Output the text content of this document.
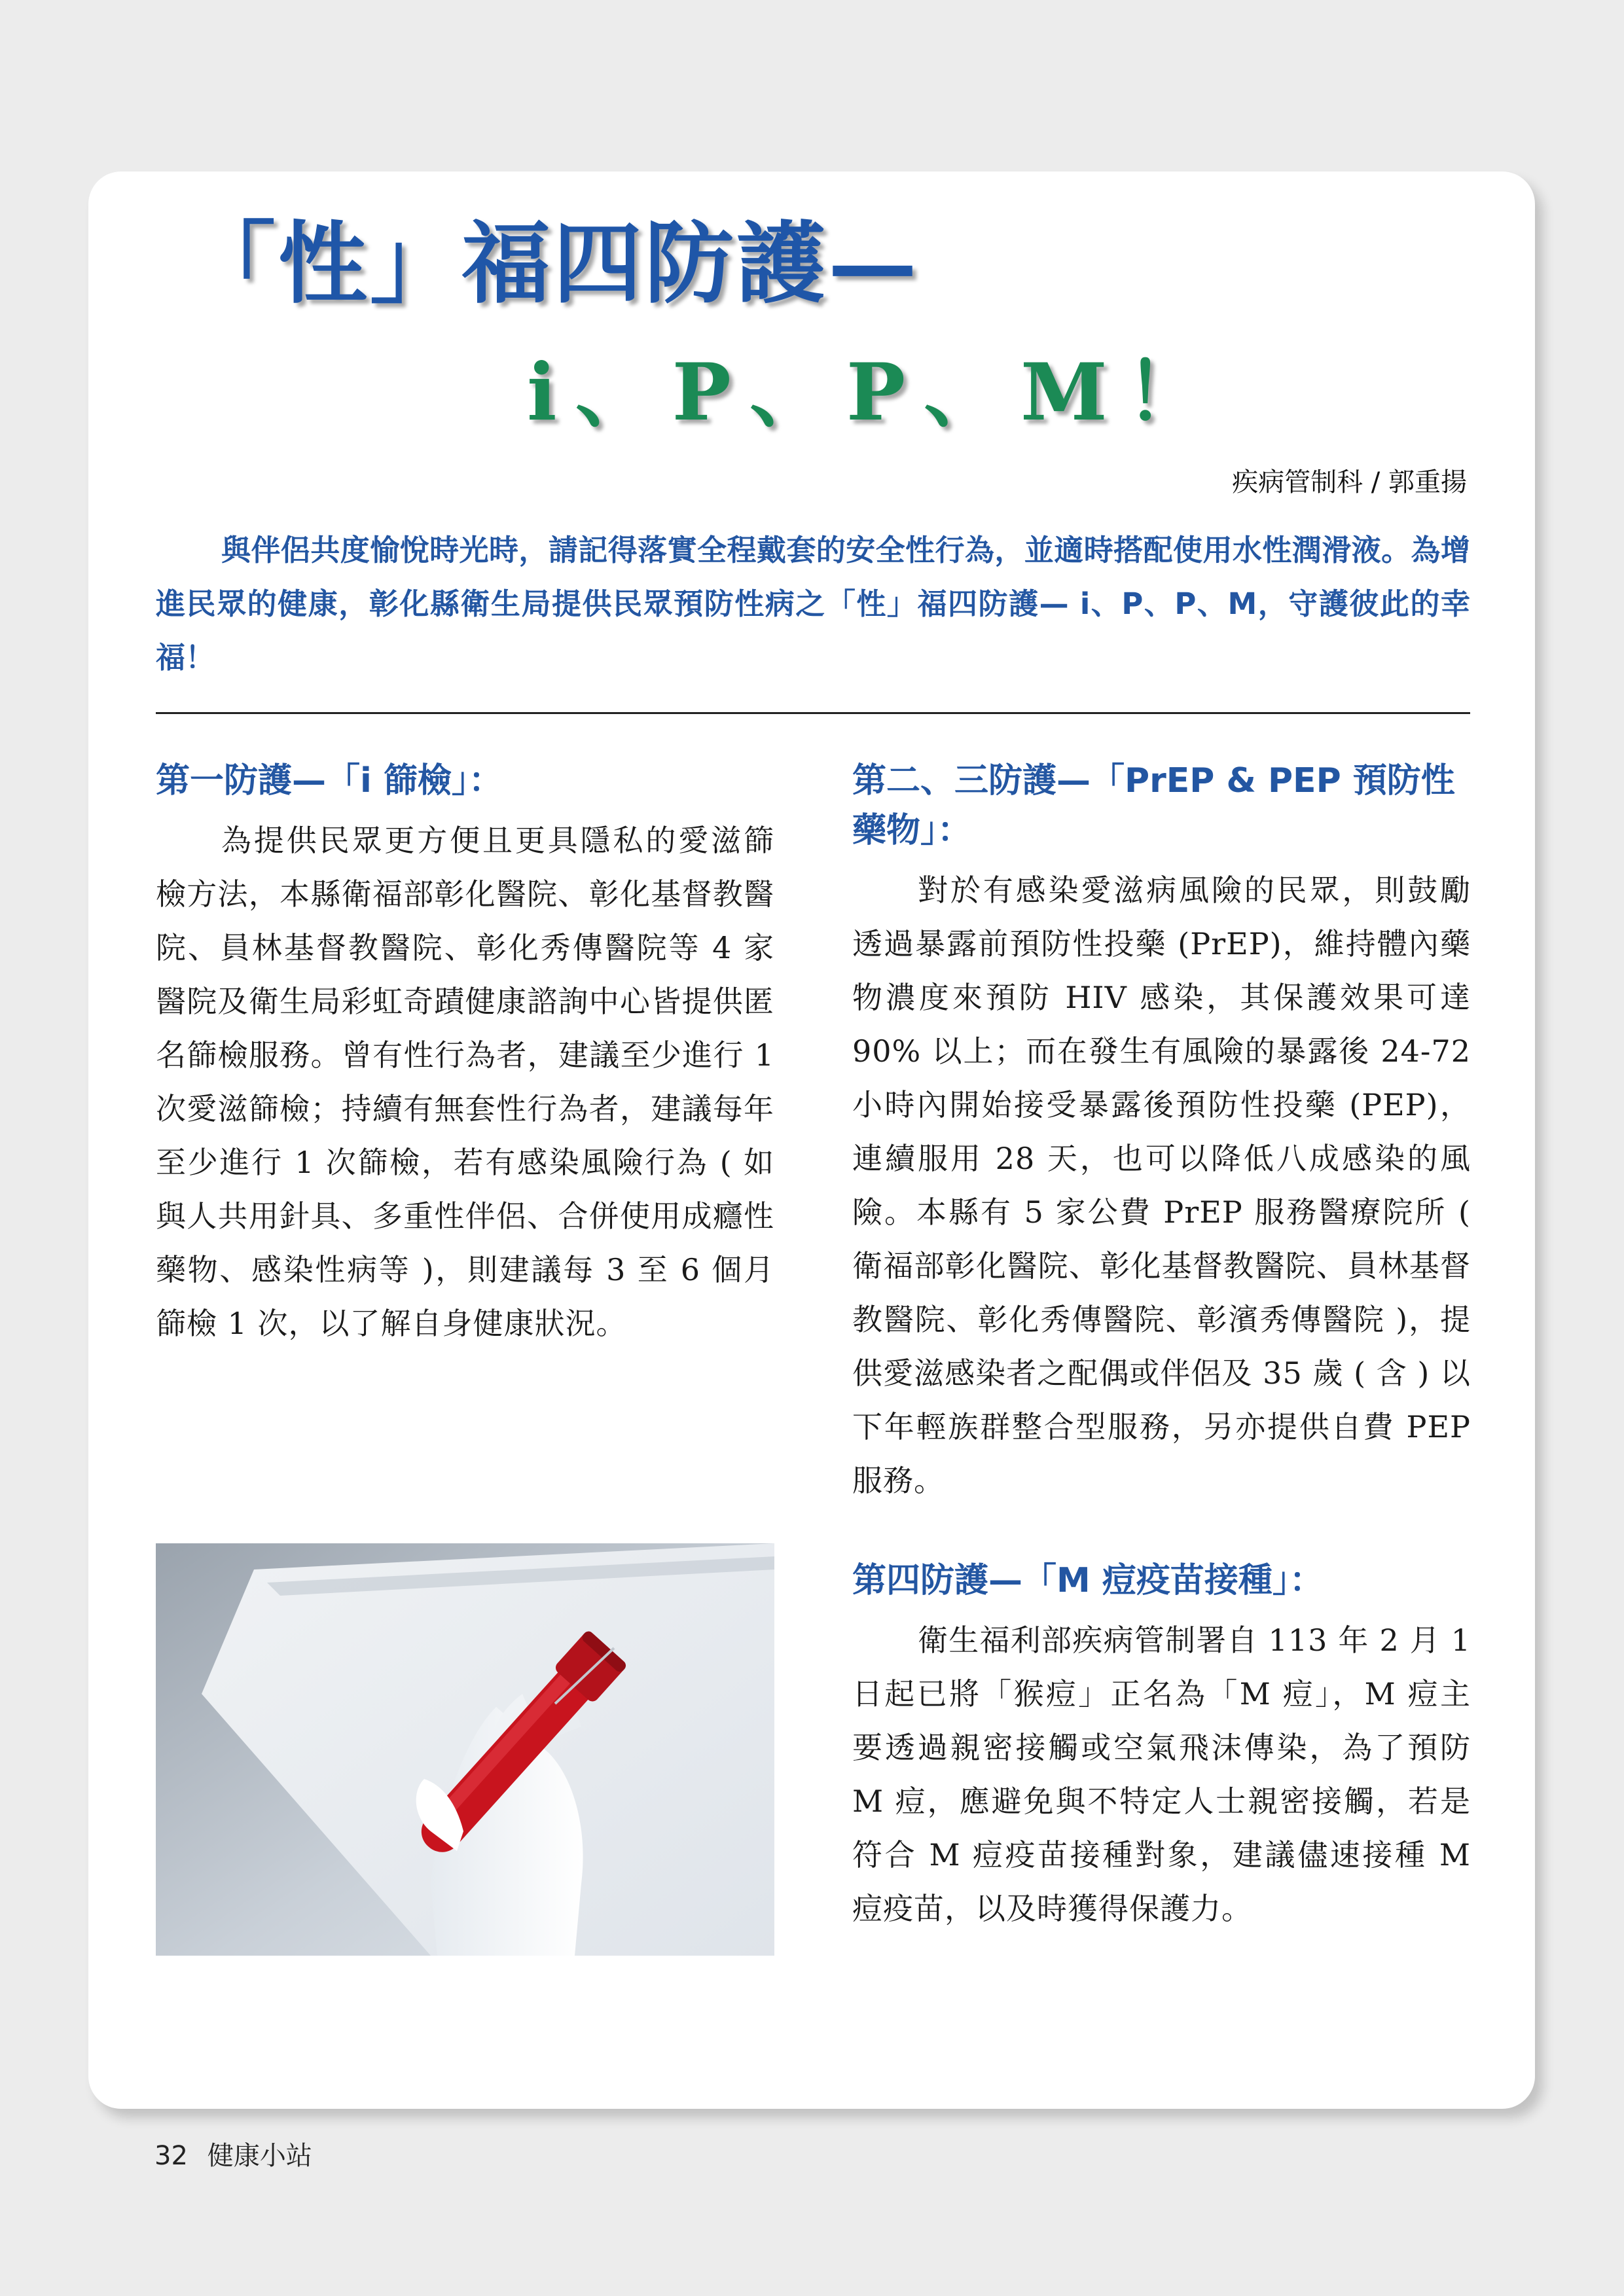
「性」福四防護—
i、P、P、M！
疾病管制科 / 郭重揚

與伴侶共度愉悅時光時，請記得落實全程戴套的安全性行為，並適時搭配使用水性潤滑液。為增進民眾的健康，彰化縣衛生局提供民眾預防性病之「性」福四防護— i、P、P、M，守護彼此的幸福！

第一防護—「i 篩檢」：

為提供民眾更方便且更具隱私的愛滋篩檢方法，本縣衛福部彰化醫院、彰化基督教醫院、員林基督教醫院、彰化秀傳醫院等 4 家醫院及衛生局彩虹奇蹟健康諮詢中心皆提供匿名篩檢服務。曾有性行為者，建議至少進行 1 次愛滋篩檢；持續有無套性行為者，建議每年至少進行 1 次篩檢，若有感染風險行為 ( 如與人共用針具、多重性伴侶、合併使用成癮性藥物、感染性病等 )，則建議每 3 至 6 個月篩檢 1 次，以了解自身健康狀況。

第二、三防護—「PrEP & PEP 預防性藥物」：

對於有感染愛滋病風險的民眾，則鼓勵透過暴露前預防性投藥 (PrEP)，維持體內藥物濃度來預防 HIV 感染，其保護效果可達 90% 以上；而在發生有風險的暴露後 24-72 小時內開始接受暴露後預防性投藥 (PEP)，連續服用 28 天，也可以降低八成感染的風險。本縣有 5 家公費 PrEP 服務醫療院所 ( 衛福部彰化醫院、彰化基督教醫院、員林基督教醫院、彰化秀傳醫院、彰濱秀傳醫院 )，提供愛滋感染者之配偶或伴侶及 35 歲 ( 含 ) 以下年輕族群整合型服務，另亦提供自費 PEP 服務。

第四防護—「M 痘疫苗接種」：

衛生福利部疾病管制署自 113 年 2 月 1 日起已將「猴痘」正名為「M 痘」，M 痘主要透過親密接觸或空氣飛沫傳染，為了預防 M 痘，應避免與不特定人士親密接觸，若是符合 M 痘疫苗接種對象，建議儘速接種 M 痘疫苗，以及時獲得保護力。

32 健康小站
